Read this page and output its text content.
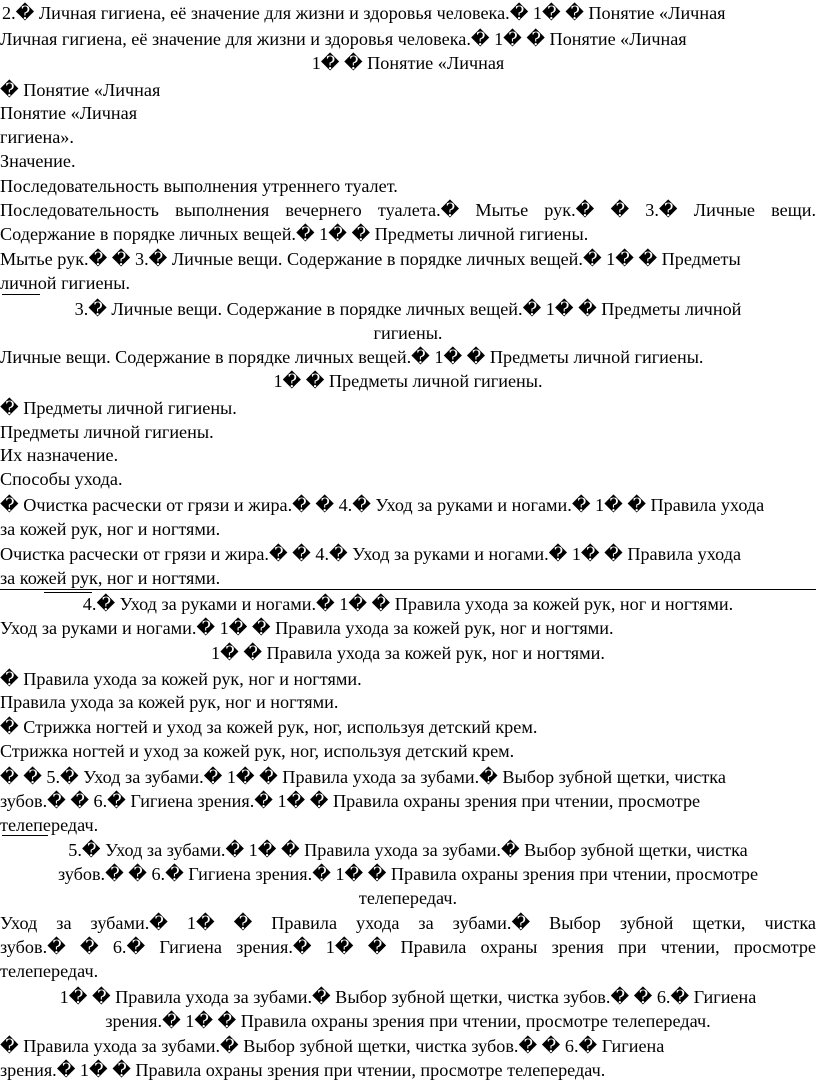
2.� Личная гигиена, её значение для жизни и здоровья человека.� 1� � Понятие «Личная
Личная гигиена, её значение для жизни и здоровья человека.� 1� � Понятие «Личная
1� � Понятие «Личная
� Понятие «Личная
Понятие «Личная
гигиена».
Значение.
Последовательность выполнения утреннего туалет.
Последовательность выполнения вечернего туалета.� Мытье рук.� � 3.� Личные вещи.
Содержание в порядке личных вещей.� 1� � Предметы личной гигиены.
Мытье рук.� � 3.� Личные вещи. Содержание в порядке личных вещей.� 1� � Предметы
личной гигиены.
3.� Личные вещи. Содержание в порядке личных вещей.� 1� � Предметы личной
гигиены.
Личные вещи. Содержание в порядке личных вещей.� 1� � Предметы личной гигиены.
1� � Предметы личной гигиены.
� Предметы личной гигиены.
Предметы личной гигиены.
Их назначение.
Способы ухода.
� Очистка расчески от грязи и жира.� � 4.� Уход за руками и ногами.� 1� � Правила ухода
за кожей рук, ног и ногтями.
Очистка расчески от грязи и жира.� � 4.� Уход за руками и ногами.� 1� � Правила ухода
за кожей рук, ног и ногтями.
4.� Уход за руками и ногами.� 1� � Правила ухода за кожей рук, ног и ногтями.
Уход за руками и ногами.� 1� � Правила ухода за кожей рук, ног и ногтями.
1� � Правила ухода за кожей рук, ног и ногтями.
� Правила ухода за кожей рук, ног и ногтями.
Правила ухода за кожей рук, ног и ногтями.
� Стрижка ногтей и уход за кожей рук, ног, используя детский крем.
Стрижка ногтей и уход за кожей рук, ног, используя детский крем.
� � 5.� Уход за зубами.� 1� � Правила ухода за зубами.� Выбор зубной щетки, чистка
зубов.� � 6.� Гигиена зрения.� 1� � Правила охраны зрения при чтении, просмотре
телепередач.
5.� Уход за зубами.� 1� � Правила ухода за зубами.� Выбор зубной щетки, чистка
зубов.� � 6.� Гигиена зрения.� 1� � Правила охраны зрения при чтении, просмотре
телепередач.
Уход за зубами.� 1� � Правила ухода за зубами.� Выбор зубной щетки, чистка
зубов.� � 6.� Гигиена зрения.� 1� � Правила охраны зрения при чтении, просмотре
телепередач.
1� � Правила ухода за зубами.� Выбор зубной щетки, чистка зубов.� � 6.� Гигиена
зрения.� 1� � Правила охраны зрения при чтении, просмотре телепередач.
� Правила ухода за зубами.� Выбор зубной щетки, чистка зубов.� � 6.� Гигиена
зрения.� 1� � Правила охраны зрения при чтении, просмотре телепередач.
